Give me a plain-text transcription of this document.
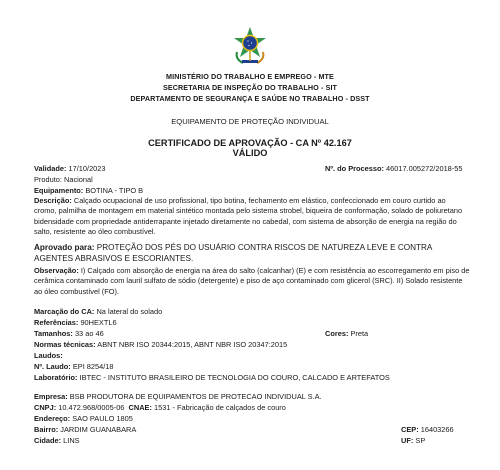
MINISTÉRIO DO TRABALHO E EMPREGO - MTE
SECRETARIA DE INSPEÇÃO DO TRABALHO - SIT
DEPARTAMENTO DE SEGURANÇA E SAÚDE NO TRABALHO - DSST
EQUIPAMENTO DE PROTEÇÃO INDIVIDUAL
CERTIFICADO DE APROVAÇÃO - CA Nº 42.167
VÁLIDO
Validade: 17/10/2023	Nº. do Processo: 46017.005272/2018-55
Produto: Nacional
Equipamento: BOTINA - TIPO B
Descrição: Calçado ocupacional de uso profissional, tipo botina, fechamento em elástico, confeccionado em couro curtido ao cromo, palmilha de montagem em material sintético montada pelo sistema strobel, biqueira de conformação, solado de poliuretano bidensidade com propriedade antiderrapante injetado diretamente no cabedal, com sistema de absorção de energia na região do salto, resistente ao óleo combustível.
Aprovado para: PROTEÇÃO DOS PÉS DO USUÁRIO CONTRA RISCOS DE NATUREZA LEVE E CONTRA AGENTES ABRASIVOS E ESCORIANTES.
Observação: I) Calçado com absorção de energia na área do salto (calcanhar) (E) e com resistência ao escorregamento em piso de cerâmica contaminado com lauril sulfato de sódio (detergente) e piso de aço contaminado com glicerol (SRC). II) Solado resistente ao óleo combustível (FO).
Marcação do CA: Na lateral do solado
Referências: 90HEXTL6
Tamanhos: 33 ao 46	Cores: Preta
Normas técnicas: ABNT NBR ISO 20344:2015, ABNT NBR ISO 20347:2015
Laudos:
Nº. Laudo: EPI 8254/18
Laboratório: IBTEC - INSTITUTO BRASILEIRO DE TECNOLOGIA DO COURO, CALCADO E ARTEFATOS
Empresa: BSB PRODUTORA DE EQUIPAMENTOS DE PROTECAO INDIVIDUAL S.A.
CNPJ: 10.472.968/0005-06 CNAE: 1531 - Fabricação de calçados de couro
Endereço: SAO PAULO 1805
Bairro: JARDIM GUANABARA	CEP: 16403266
Cidade: LINS	UF: SP
